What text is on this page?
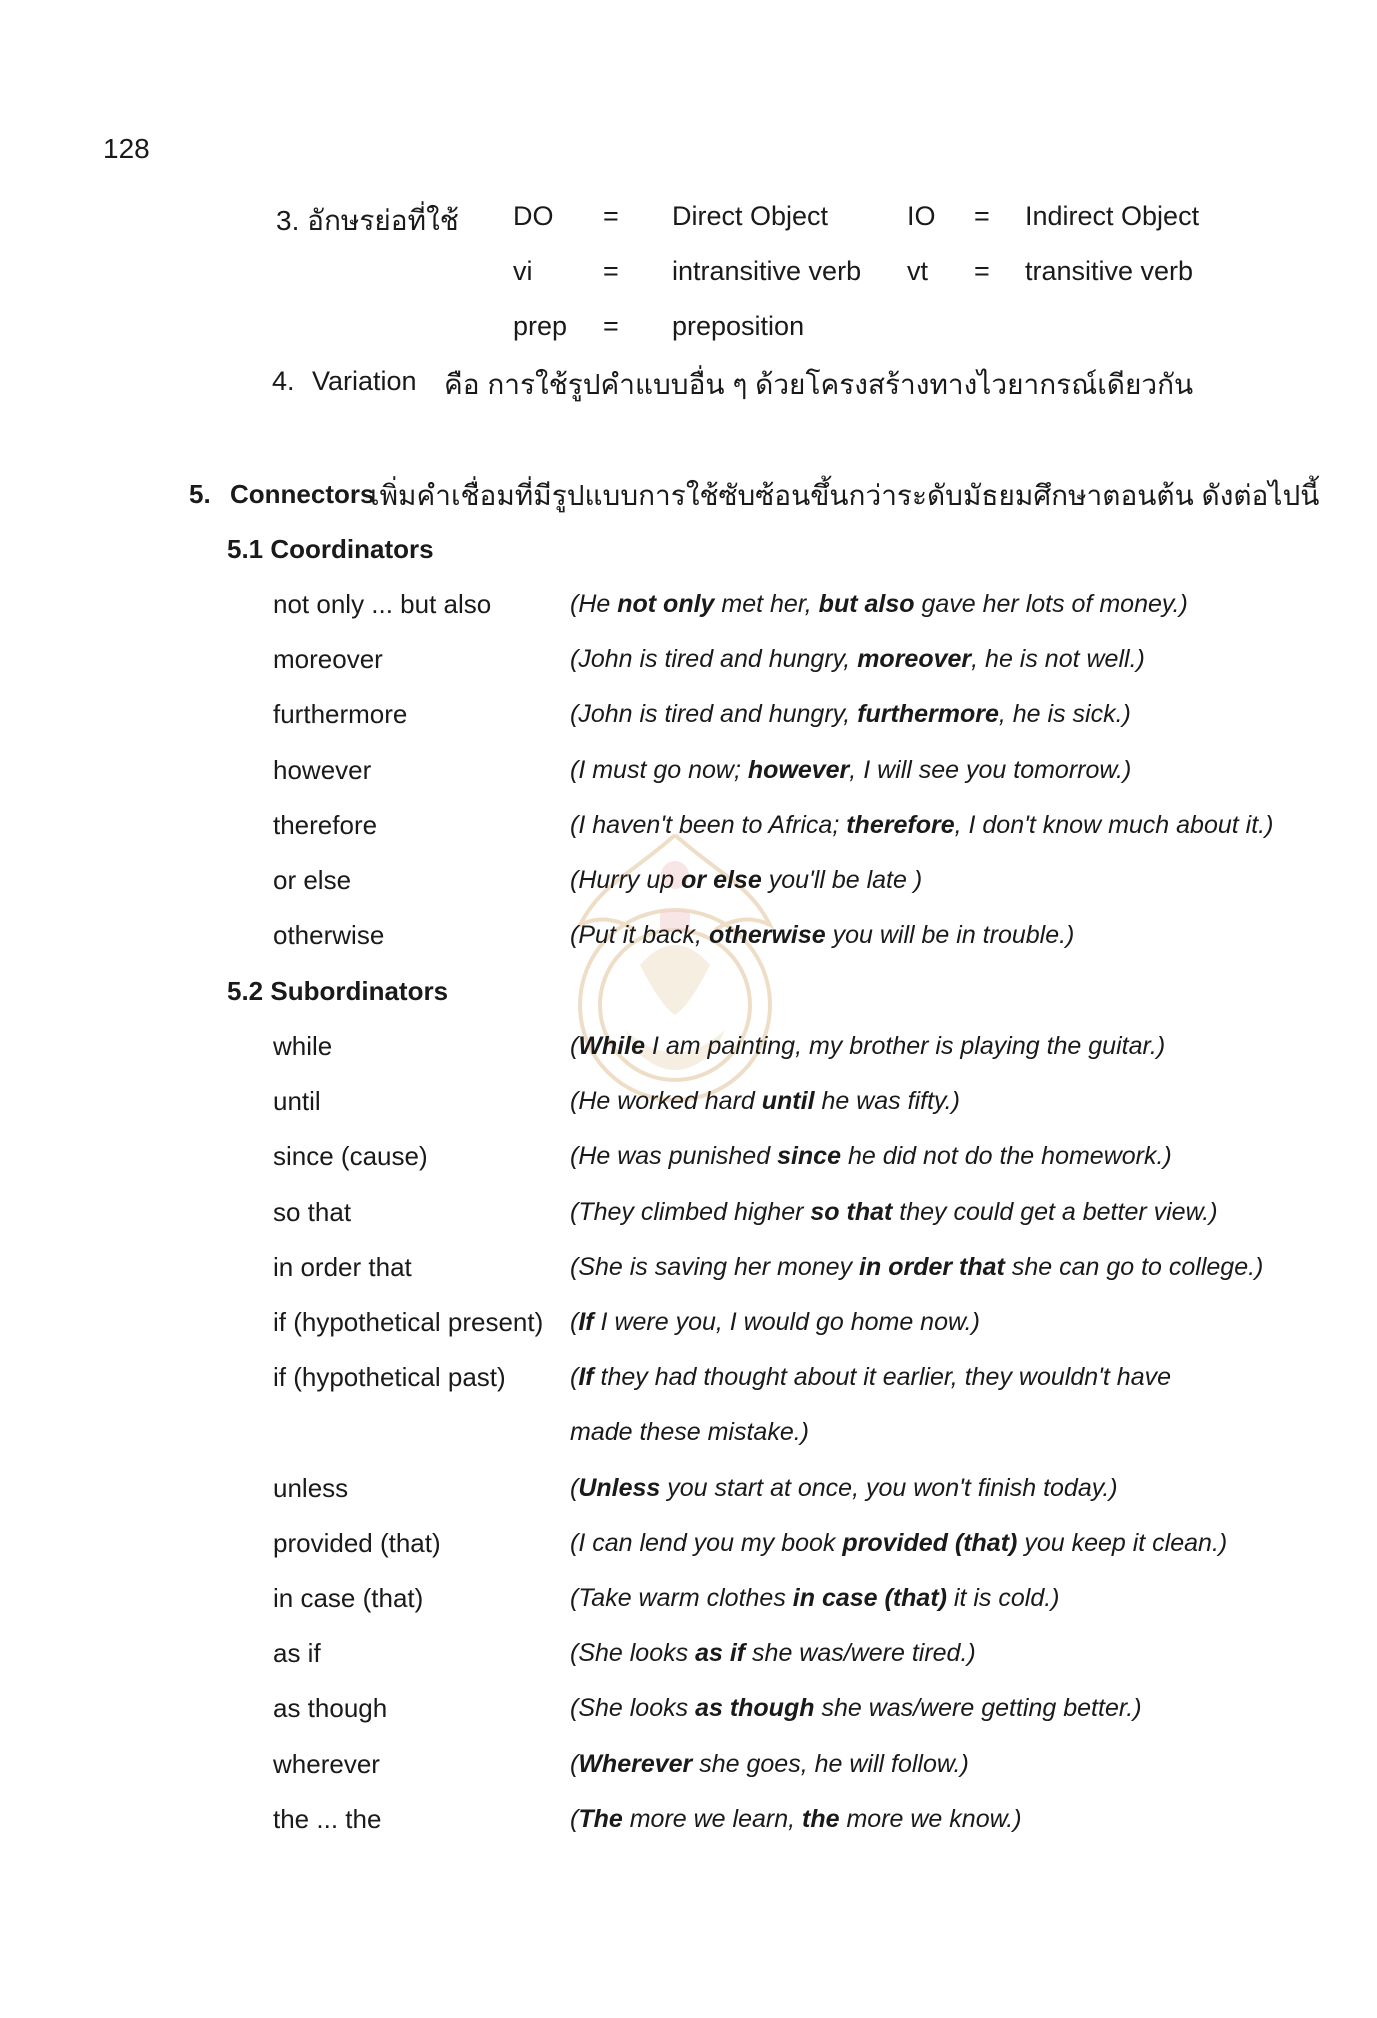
128
3. อักษรย่อที่ใช้ DO = Direct Object	IO = Indirect Object
vi	= intransitive verb vt = transitive verb
prep = preposition
4. Variation คือ การใช้รูปคำแบบอื่น ๆ ด้วยโครงสร้างทางไวยากรณ์เดียวกัน
5. Connectors
เพิ่มคำเชื่อมที่มีรูปแบบการใช้ซับซ้อนขึ้นกว่าระดับมัธยมศึกษาตอนต้น ดังต่อไปนี้
5.1 Coordinators
not only ... but also	(He not only met her, but also gave her lots of money.)
moreover	(John is tired and hungry, moreover, he is not well.)
furthermore	(John is tired and hungry, furthermore, he is sick.)
however	(I must go now; however, I will see you tomorrow.)
therefore	(I haven't been to Africa; therefore, I don't know much about it.)
or else	(Hurry up or else you'll be late )
otherwise	(Put it back, otherwise you will be in trouble.)
5.2 Subordinators
while	(While I am painting, my brother is playing the guitar.)
until	(He worked hard until he was fifty.)
since (cause)	(He was punished since he did not do the homework.)
so that	(They climbed higher so that they could get a better view.)
in order that	(She is saving her money in order that she can go to college.)
if (hypothetical present) (If I were you, I would go home now.)
if (hypothetical past)	(If they had thought about it earlier, they wouldn't have
made these mistake.)
unless	(Unless you start at once, you won't finish today.)
provided (that)	(I can lend you my book provided (that) you keep it clean.)
in case (that)	(Take warm clothes in case (that) it is cold.)
as if	(She looks as if she was/were tired.)
as though	(She looks as though she was/were getting better.)
wherever	(Wherever she goes, he will follow.)
the ... the	(The more we learn, the more we know.)
